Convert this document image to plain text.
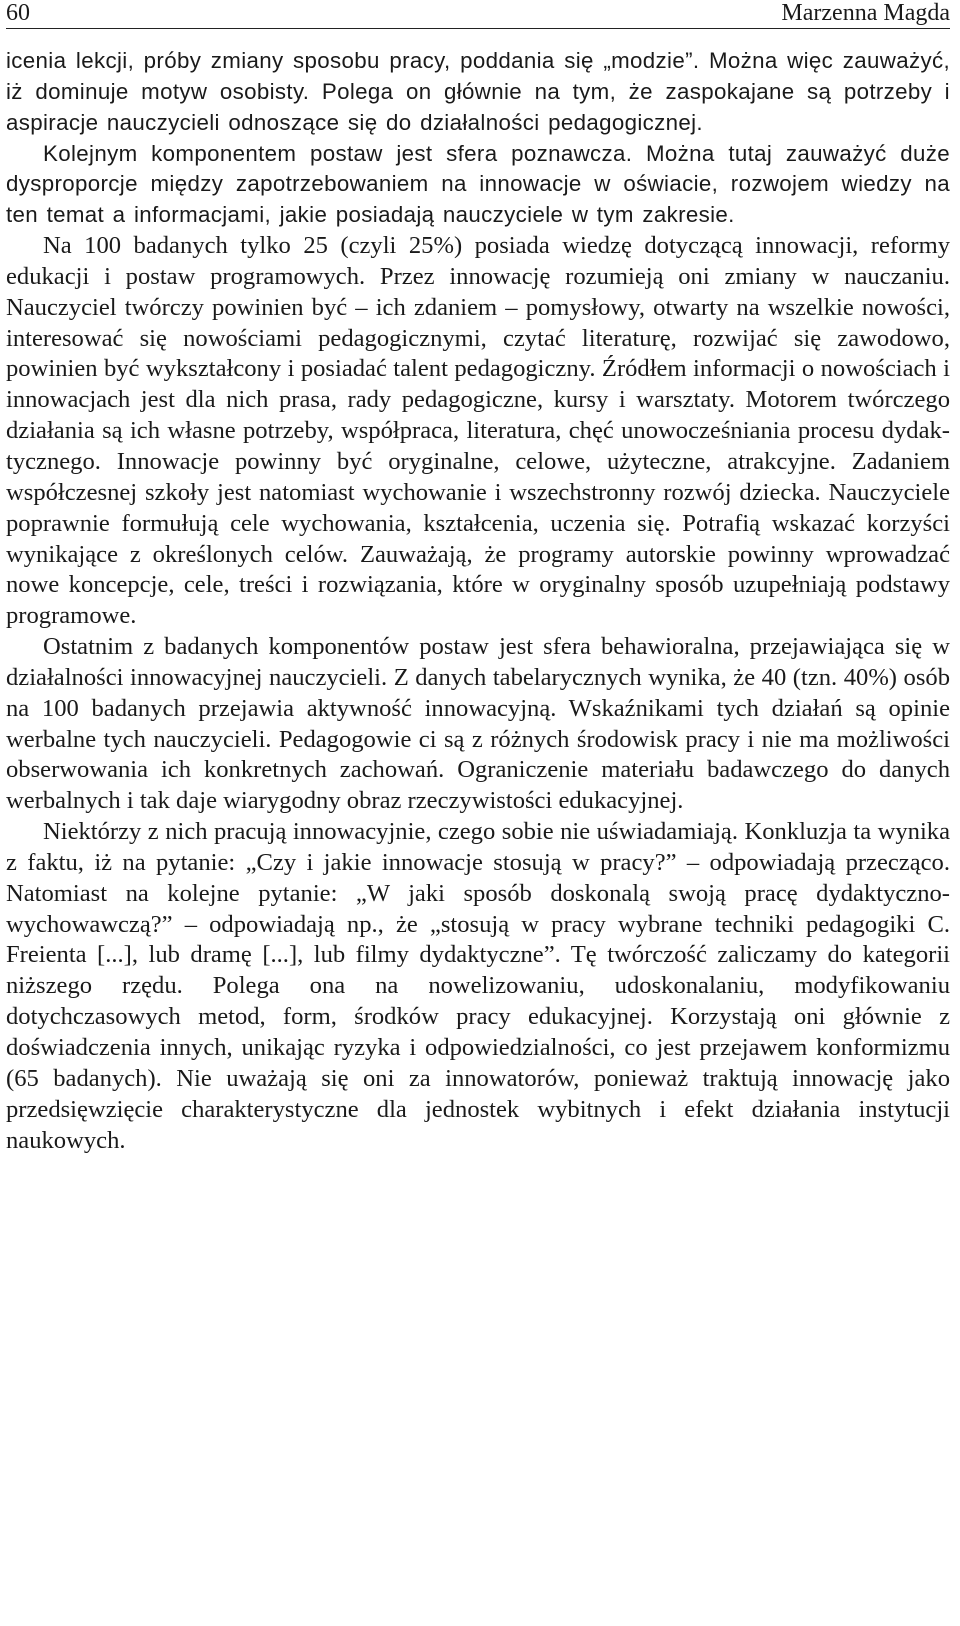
60	Marzenna Magda

icenia lekcji, próby zmiany sposobu pracy, poddania się „modzie”. Można więc zauważyć, iż dominuje motyw osobisty. Polega on głównie na tym, że zaspokajane są potrzeby i aspiracje nauczycieli odnoszące się do działalności pedagogicznej.

Kolejnym komponentem postaw jest sfera poznawcza. Można tutaj zauważyć duże dysproporcje między zapotrzebowaniem na innowacje w oświacie, rozwojem wiedzy na ten temat a informacjami, jakie posiadają nauczyciele w tym zakresie.

Na 100 badanych tylko 25 (czyli 25%) posiada wiedzę dotyczącą innowacji, reformy edukacji i postaw programowych. Przez innowację rozumieją oni zmiany w nauczaniu. Nauczyciel twórczy powinien być – ich zdaniem – pomysłowy, otwarty na wszelkie nowości, interesować się nowościami pedagogicznymi, czytać literaturę, rozwijać się zawodowo, powinien być wykształcony i posiadać talent pedagogiczny. Źródłem informacji o nowościach i innowacjach jest dla nich prasa, rady pedagogiczne, kursy i warsztaty. Motorem twórczego działania są ich własne potrzeby, współpraca, literatura, chęć unowocześniania procesu dydaktycznego. Innowacje powinny być oryginalne, celowe, użyteczne, atrakcyjne. Zadaniem współczesnej szkoły jest natomiast wychowanie i wszechstronny rozwój dziecka. Nauczyciele poprawnie formułują cele wychowania, kształcenia, uczenia się. Potrafią wskazać korzyści wynikające z określonych celów. Zauważają, że programy autorskie powinny wprowadzać nowe koncepcje, cele, treści i rozwiązania, które w oryginalny sposób uzupełniają podstawy programowe.

Ostatnim z badanych komponentów postaw jest sfera behawioralna, przejawiająca się w działalności innowacyjnej nauczycieli. Z danych tabelarycznych wynika, że 40 (tzn. 40%) osób na 100 badanych przejawia aktywność innowacyjną. Wskaźnikami tych działań są opinie werbalne tych nauczycieli. Pedagogowie ci są z różnych środowisk pracy i nie ma możliwości obserwowania ich konkretnych zachowań. Ograniczenie materiału badawczego do danych werbalnych i tak daje wiarygodny obraz rzeczywistości edukacyjnej.

Niektórzy z nich pracują innowacyjnie, czego sobie nie uświadamiają. Konkluzja ta wynika z faktu, iż na pytanie: „Czy i jakie innowacje stosują w pracy?” – odpowiadają przecząco. Natomiast na kolejne pytanie: „W jaki sposób doskonalą swoją pracę dydaktyczno-wychowawczą?” – odpowiadają np., że „stosują w pracy wybrane techniki pedagogiki C. Freienta [...], lub dramę [...], lub filmy dydaktyczne”. Tę twórczość zaliczamy do kategorii niższego rzędu. Polega ona na nowelizowaniu, udoskonalaniu, modyfikowaniu dotychczasowych metod, form, środków pracy edukacyjnej. Korzystają oni głównie z doświadczenia innych, unikając ryzyka i odpowiedzialności, co jest przejawem konformizmu (65 badanych). Nie uważają się oni za innowatorów, ponieważ traktują innowację jako przedsięwzięcie charakterystyczne dla jednostek wybitnych i efekt działania instytucji naukowych.
